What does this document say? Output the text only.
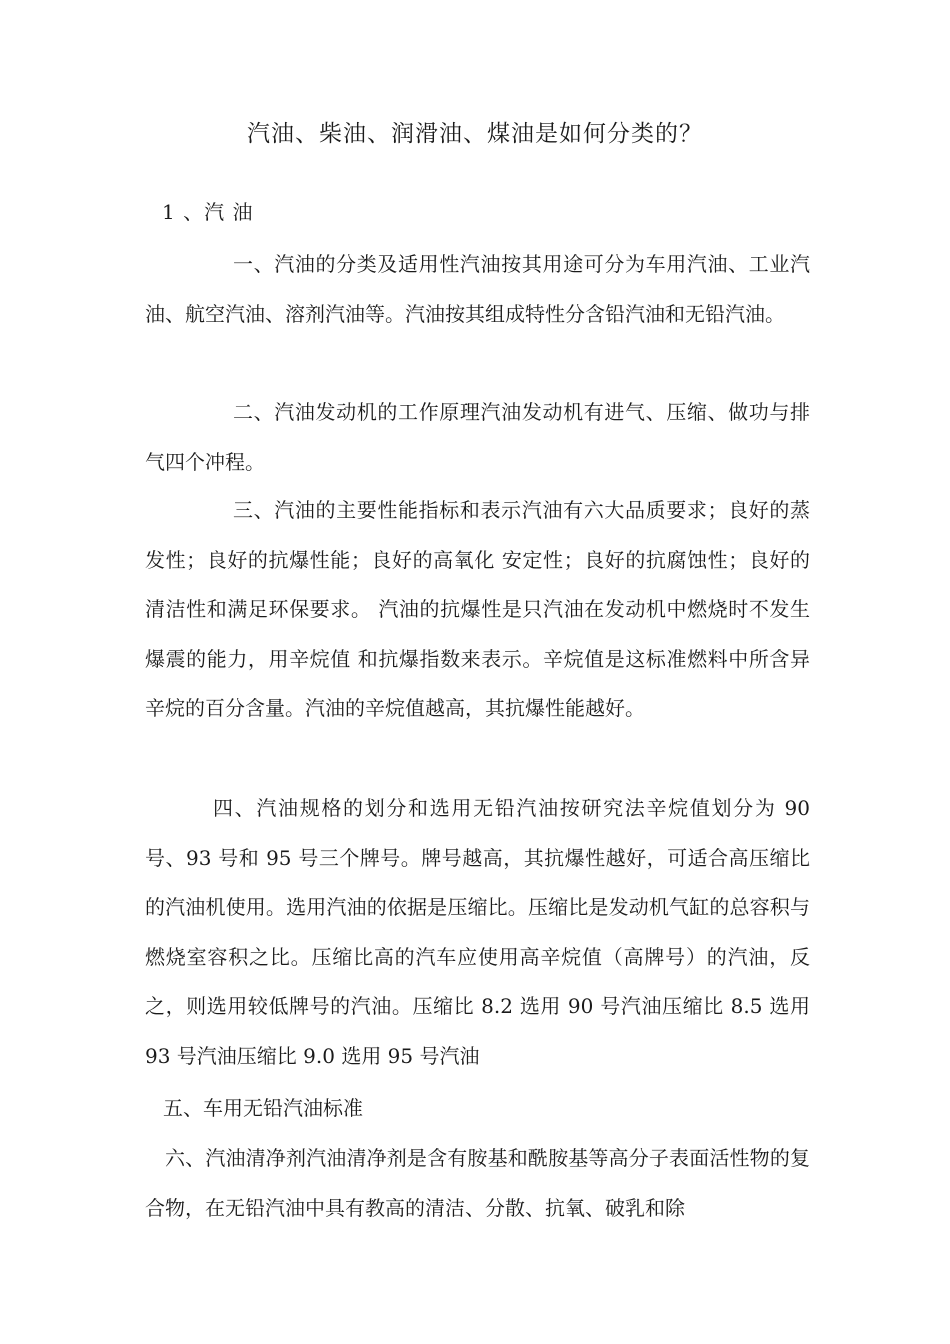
汽油、柴油、润滑油、煤油是如何分类的？
1 、汽 油

一、汽油的分类及适用性汽油按其用途可分为车用汽油、工业汽油、航空汽油、溶剂汽油等。汽油按其组成特性分含铅汽油和无铅汽油。

二、汽油发动机的工作原理汽油发动机有进气、压缩、做功与排气四个冲程。

三、汽油的主要性能指标和表示汽油有六大品质要求；良好的蒸发性；良好的抗爆性能；良好的高氧化 安定性；良好的抗腐蚀性；良好的清洁性和满足环保要求。 汽油的抗爆性是只汽油在发动机中燃烧时不发生爆震的能力，用辛烷值 和抗爆指数来表示。辛烷值是这标准燃料中所含异辛烷的百分含量。汽油的辛烷值越高，其抗爆性能越好。

四、汽油规格的划分和选用无铅汽油按研究法辛烷值划分为 90 号、93 号和 95 号三个牌号。牌号越高，其抗爆性越好，可适合高压缩比的汽油机使用。选用汽油的依据是压缩比。压缩比是发动机气缸的总容积与燃烧室容积之比。压缩比高的汽车应使用高辛烷值（高牌号）的汽油，反之，则选用较低牌号的汽油。压缩比 8.2 选用 90 号汽油压缩比 8.5 选用 93 号汽油压缩比 9.0 选用 95 号汽油

五、车用无铅汽油标准

六、汽油清净剂汽油清净剂是含有胺基和酰胺基等高分子表面活性物的复合物，在无铅汽油中具有教高的清洁、分散、抗氧、破乳和除
